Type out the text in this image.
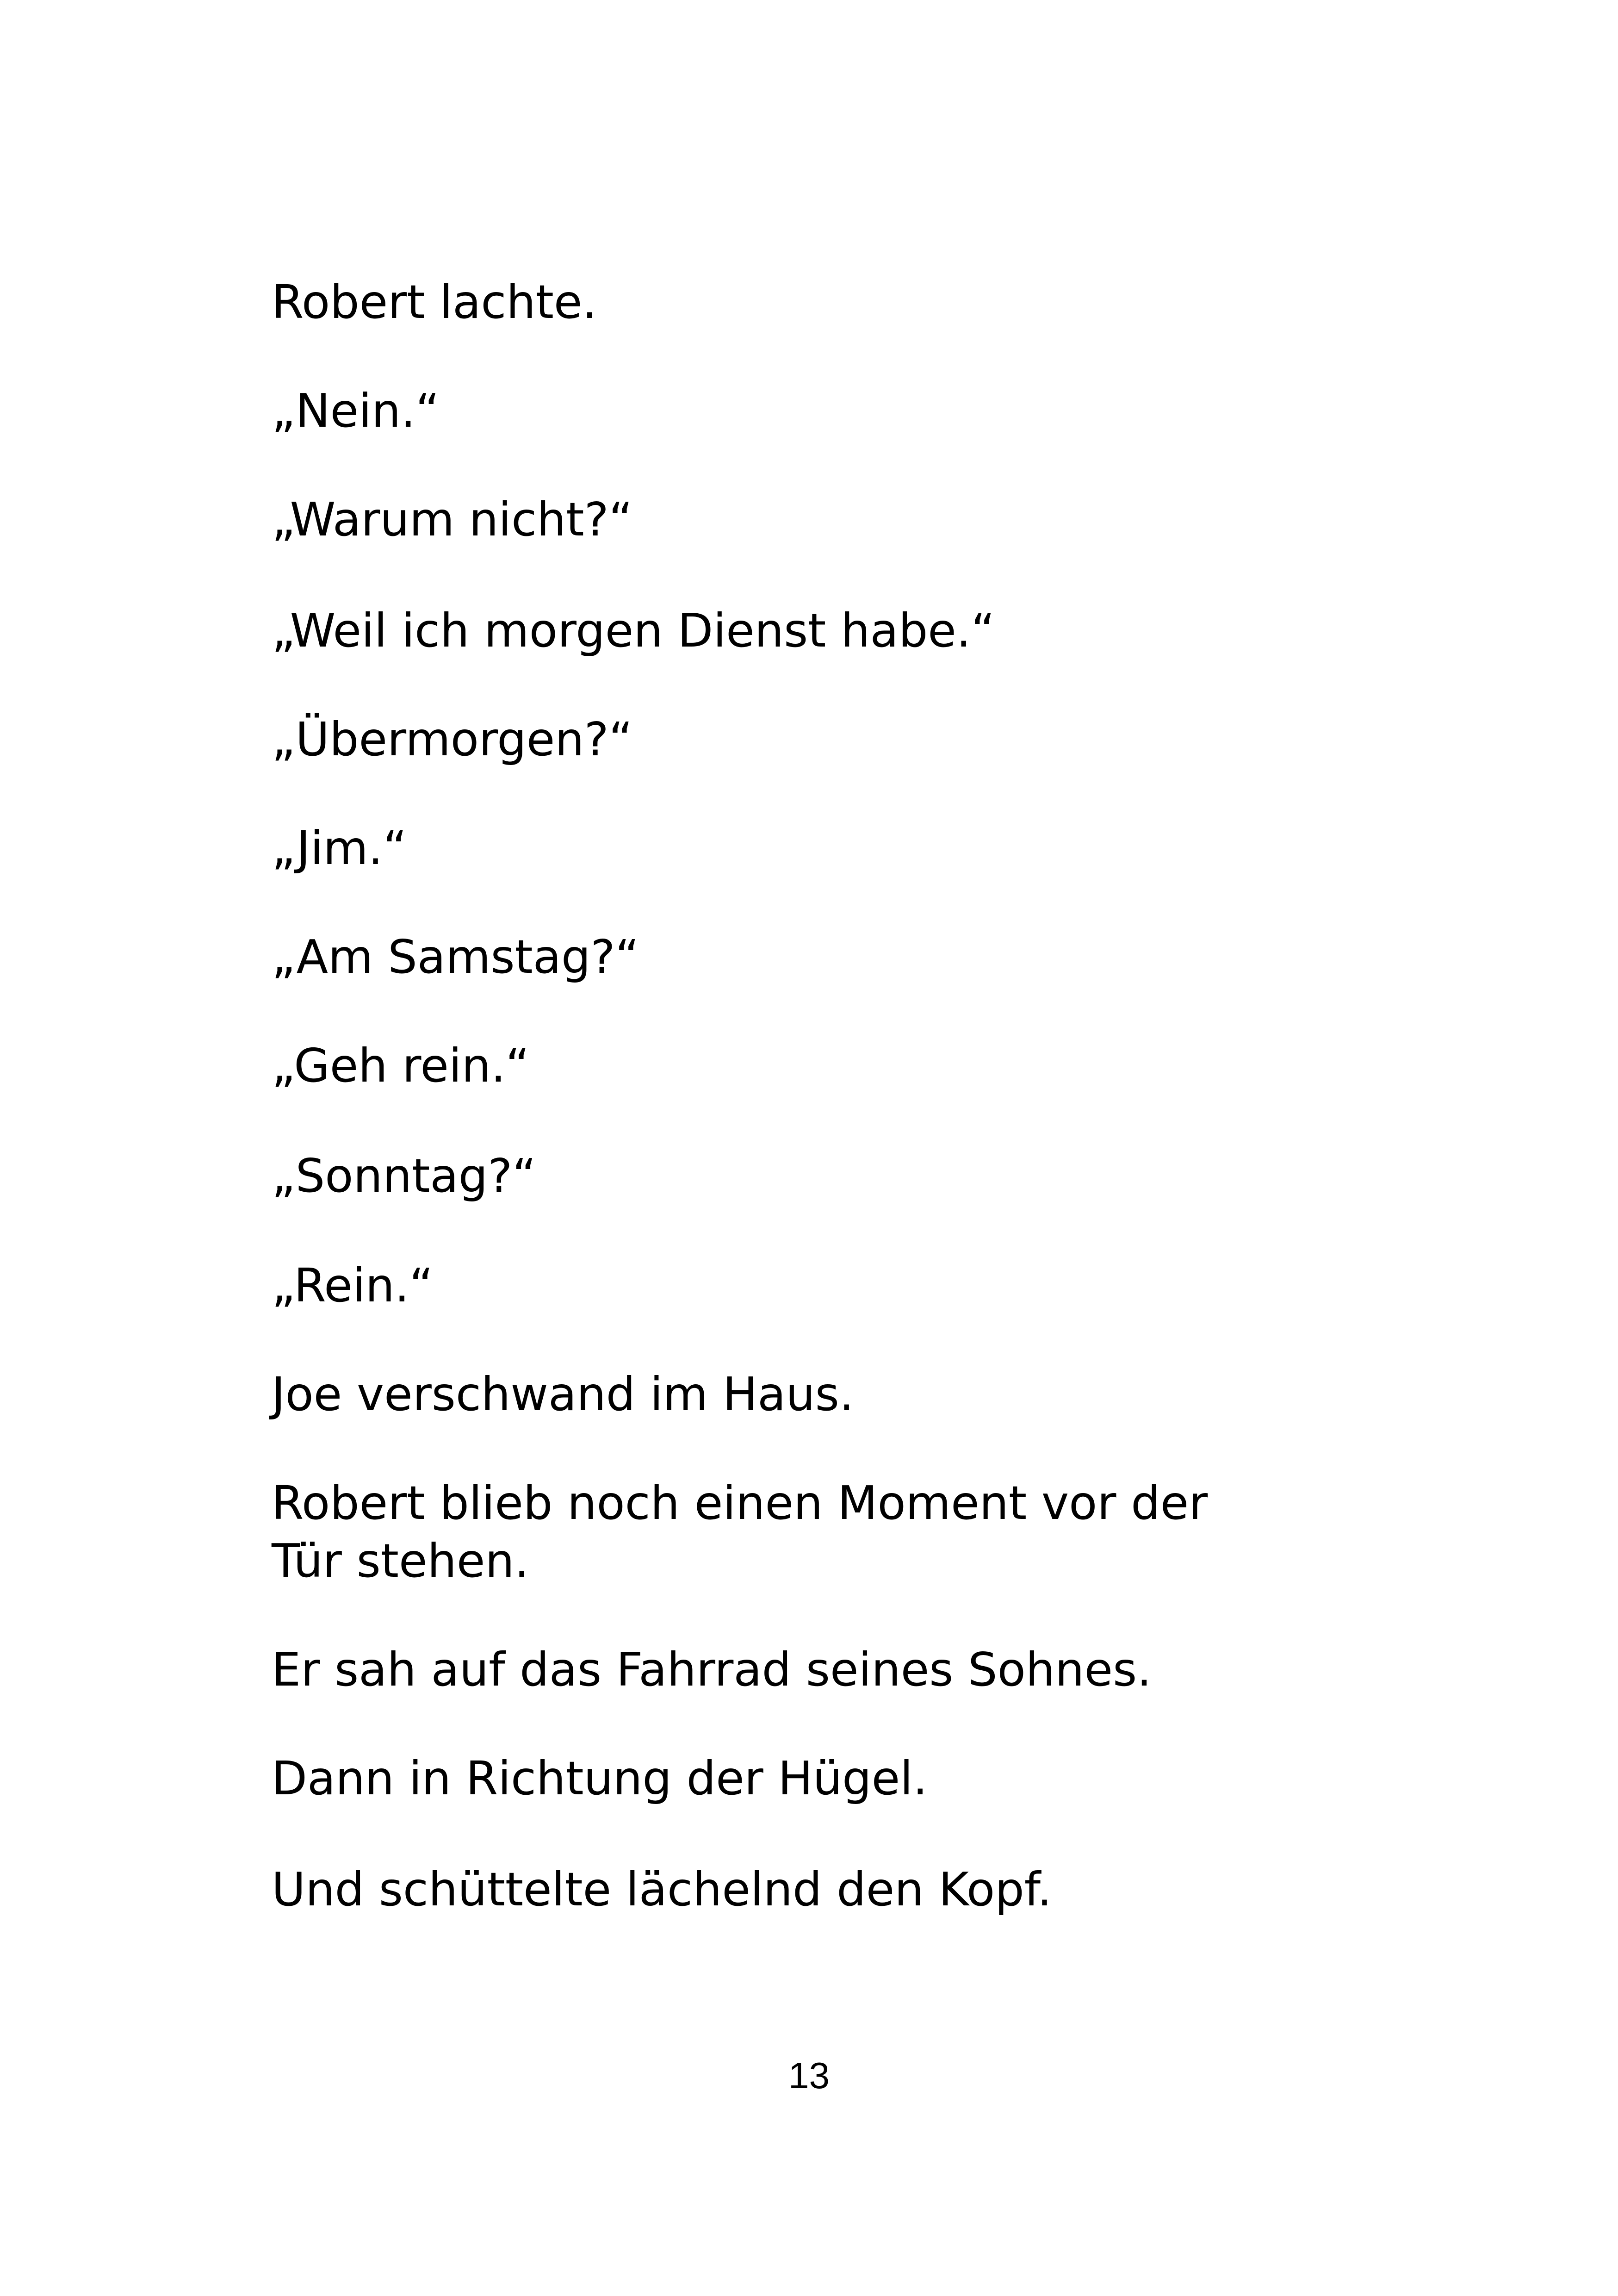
Robert lachte.

„Nein.“

„Warum nicht?“

„Weil ich morgen Dienst habe.“

„Übermorgen?“

„Jim.“

„Am Samstag?“

„Geh rein.“

„Sonntag?“

„Rein.“

Joe verschwand im Haus.

Robert blieb noch einen Moment vor der Tür stehen.

Er sah auf das Fahrrad seines Sohnes.

Dann in Richtung der Hügel.

Und schüttelte lächelnd den Kopf.

13
